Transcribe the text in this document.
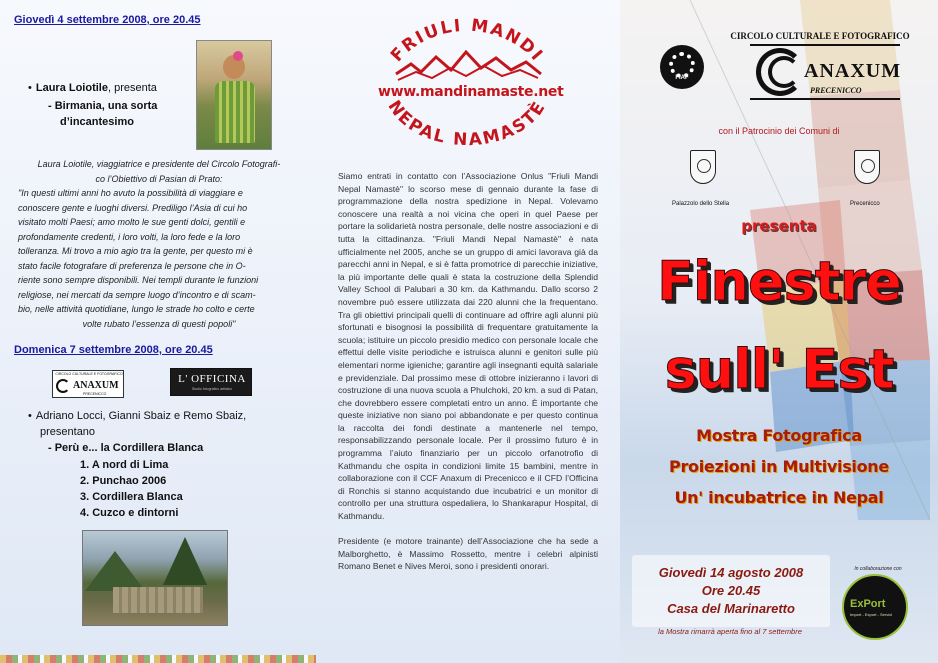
Giovedì 4 settembre 2008, ore 20.45
• Laura Loiotile, presenta
- Birmania, una sorta
d’incantesimo
Laura Loiotile, viaggiatrice e presidente del Circolo Fotografi-
co l’Obiettivo di Pasian di Prato:
"In questi ultimi anni ho avuto la possibilità di viaggiare e
conoscere gente e luoghi diversi. Prediligo l’Asia di cui ho
visitato molti Paesi; amo molto le sue genti dolci, gentili e
profondamente credenti, i loro volti, la loro fede e la loro
tolleranza. Mi trovo a mio agio tra la gente, per questo mi è
stato facile fotografare di preferenza le persone che in O-
riente sono sempre disponibili. Nei templi durante le funzioni
religiose, nei mercati da sempre luogo d’incontro e di scam-
bio, nelle attività quotidiane, lungo le strade ho colto e certe
volte rubato l’essenza di questi popoli"
Domenica 7 settembre 2008, ore 20.45
CIRCOLO CULTURALE E FOTOGRAFICO
ANAXUM
PRECENICCO
L' OFFICINA
Studio fotografico artistico
• Adriano Locci, Gianni Sbaiz e Remo Sbaiz,
presentano
- Perù e... la Cordillera Blanca
1. A nord di Lima
2. Punchao 2006
3. Cordillera Blanca
4. Cuzco e dintorni
FRIULI MANDI
NEPAL NAMASTÈ
www.mandinamaste.net

Siamo entrati in contatto con l’Associazione Onlus "Friuli Mandi Nepal Namastè" lo scorso mese di gennaio durante la fase di programmazione della nostra spedizione in Nepal. Volevamo conoscere una realtà a noi vicina che operi in quel Paese per portare la solidarietà nostra personale, delle nostre associazioni e di tutta la cittadinanza. "Friuli Mandi Nepal Namastè" è nata ufficialmente nel 2005, anche se un gruppo di amici lavorava già da parecchi anni in Nepal, e si è fatta promotrice di parecchie iniziative, la più importante delle quali è stata la costruzione della Splendid Valley School di Palubari a 30 km. da Kathmandu. Dallo scorso 2 novembre può essere utilizzata dai 220 alunni che la frequentano. Tra gli obiettivi principali quelli di continuare ad offrire agli alunni più sfortunati e bisognosi la possibilità di frequentare gratuitamente la scuola; istituire un piccolo presidio medico con personale locale che effettui delle visite periodiche e istruisca alunni e genitori sulle più elementari norme igieniche; garantire agli insegnanti equità salariale e previdenziale. Dal prossimo mese di ottobre inizieranno i lavori di costruzione di una nuova scuola a Phulchoki, 20 km. a sud di Patan, che dovrebbero essere completati entro un anno. È importante che queste iniziative non siano poi abbandonate e per questo continua la raccolta dei fondi destinate a mantenerle nel tempo, responsabilizzando personale locale. Per il prossimo futuro è in programma l’aiuto finanziario per un piccolo orfanotrofio di Kathmandu che ospita in condizioni limite 15 bambini, mentre in collaborazione con il CCF Anaxum di Precenicco e il CFD l’Officina di Ronchis si stanno acquistando due incubatrici e un monitor di controllo per una struttura ospedaliera, lo Shankarapur Hospital, di Kathmandu.

Presidente (e motore trainante) dell’Associazione che ha sede a Malborghetto, è Massimo Rossetto, mentre i celebri alpinisti Romano Benet e Nives Meroi, sono i presidenti onorari.

FIAF
CIRCOLO CULTURALE E FOTOGRAFICO
ANAXUM
PRECENICCO
con il Patrocinio dei Comuni di
Palazzolo dello Stella	Precenicco
presenta
Finestre
sull' Est
Mostra Fotografica
Proiezioni in Multivisione
Un' incubatrice in Nepal
Giovedì 14 agosto 2008
Ore 20.45
Casa del Marinaretto
la Mostra rimarrà aperta fino al 7 settembre
In collaborazione con
ExPort
Import - Export - Servizi
